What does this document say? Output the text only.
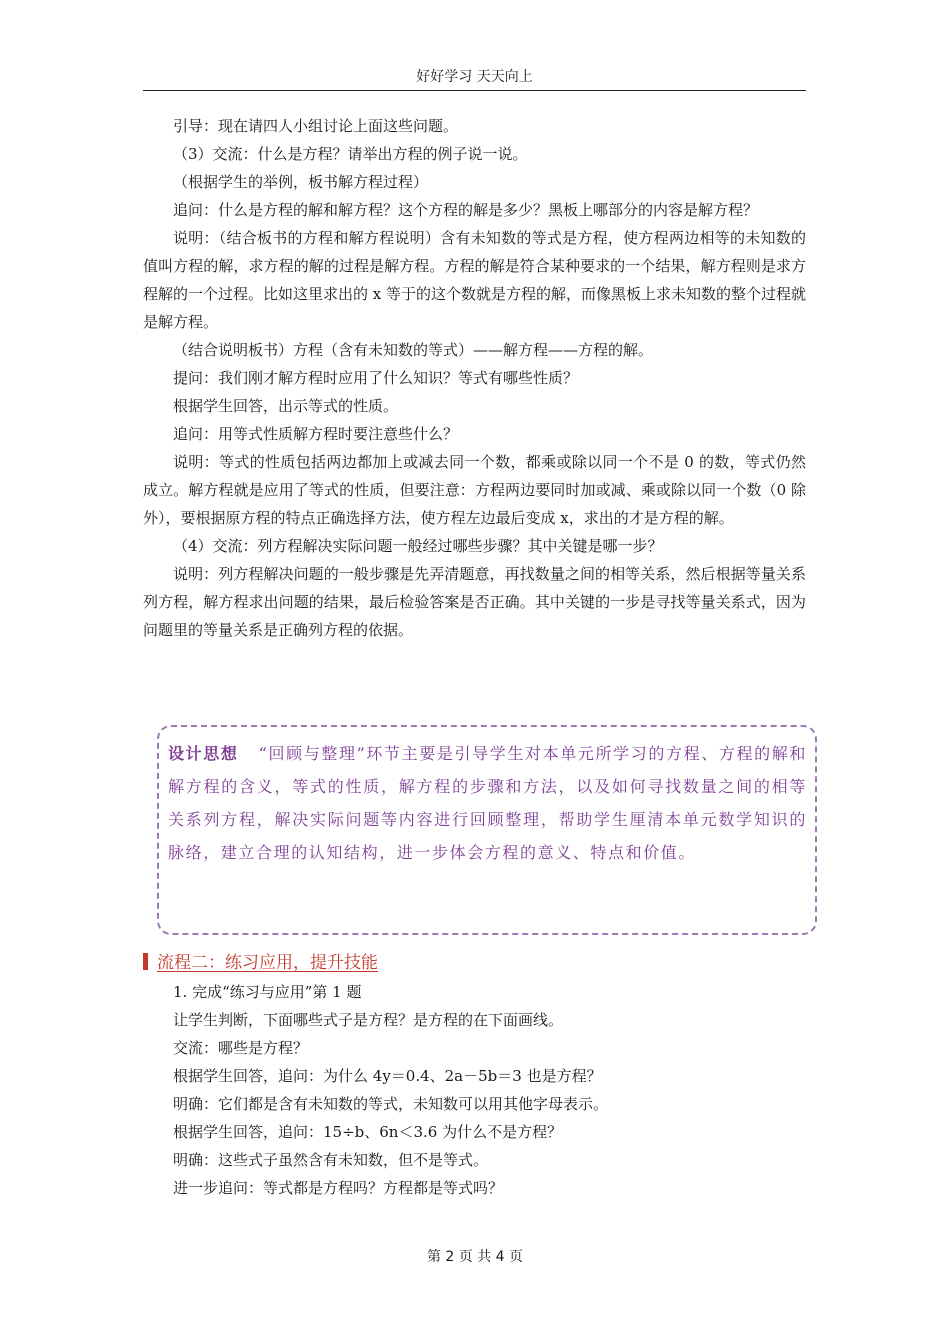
好好学习 天天向上

引导：现在请四人小组讨论上面这些问题。

（3）交流：什么是方程？请举出方程的例子说一说。

（根据学生的举例，板书解方程过程）

追问：什么是方程的解和解方程？这个方程的解是多少？黑板上哪部分的内容是解方程？

说明：（结合板书的方程和解方程说明）含有未知数的等式是方程，使方程两边相等的未知数的值叫方程的解，求方程的解的过程是解方程。方程的解是符合某种要求的一个结果，解方程则是求方程解的一个过程。比如这里求出的 x 等于的这个数就是方程的解，而像黑板上求未知数的整个过程就是解方程。

（结合说明板书）方程（含有未知数的等式）——解方程——方程的解。

提问：我们刚才解方程时应用了什么知识？等式有哪些性质？

根据学生回答，出示等式的性质。

追问：用等式性质解方程时要注意些什么？

说明：等式的性质包括两边都加上或减去同一个数，都乘或除以同一个不是 0 的数，等式仍然成立。解方程就是应用了等式的性质，但要注意：方程两边要同时加或减、乘或除以同一个数（0 除外），要根据原方程的特点正确选择方法，使方程左边最后变成 x，求出的才是方程的解。

（4）交流：列方程解决实际问题一般经过哪些步骤？其中关键是哪一步？

说明：列方程解决问题的一般步骤是先弄清题意，再找数量之间的相等关系，然后根据等量关系列方程，解方程求出问题的结果，最后检验答案是否正确。其中关键的一步是寻找等量关系式，因为问题里的等量关系是正确列方程的依据。

设计思想 “回顾与整理”环节主要是引导学生对本单元所学习的方程、方程的解和解方程的含义，等式的性质，解方程的步骤和方法，以及如何寻找数量之间的相等关系列方程，解决实际问题等内容进行回顾整理，帮助学生厘清本单元数学知识的脉络，建立合理的认知结构，进一步体会方程的意义、特点和价值。

流程二：练习应用，提升技能

1. 完成“练习与应用”第 1 题

让学生判断，下面哪些式子是方程？是方程的在下面画线。

交流：哪些是方程？

根据学生回答，追问：为什么 4y＝0.4、2a－5b＝3 也是方程？

明确：它们都是含有未知数的等式，未知数可以用其他字母表示。

根据学生回答，追问：15÷b、6n＜3.6 为什么不是方程？

明确：这些式子虽然含有未知数，但不是等式。

进一步追问：等式都是方程吗？方程都是等式吗？

第 2 页 共 4 页
